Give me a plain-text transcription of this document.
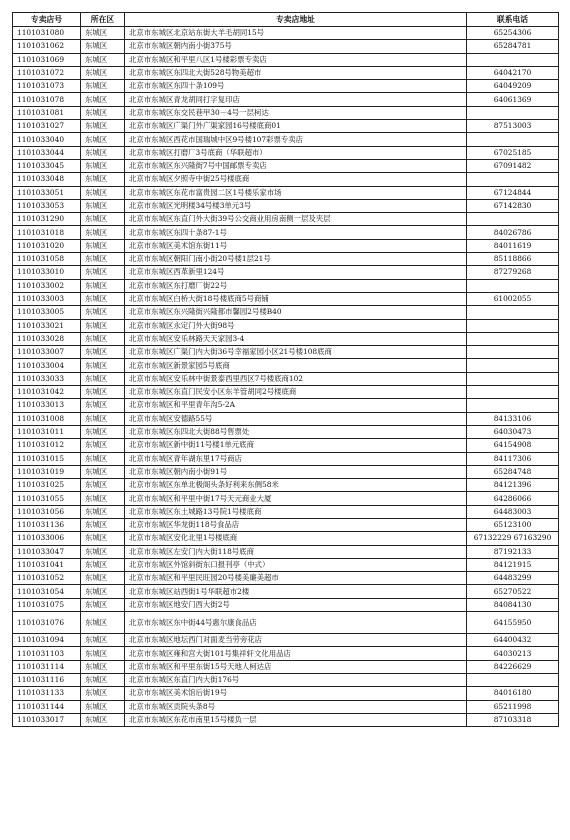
专卖店号	所在区	专卖店地址	联系电话
1101031080	东城区	北京市东城区北京站东街大羊毛胡同15号	65254306
1101031062	东城区	北京市东城区朝内南小街375号	65284781
1101031069	东城区	北京市东城区和平里八区1号楼彩票专卖店	
1101031072	东城区	北京市东城区东四北大街528号物美超市	64042170
1101031073	东城区	北京市东城区东四十条109号	64049209
1101031078	东城区	北京市东城区青龙胡同打字复印店	64061369
1101031081	东城区	北京市东城区东交民巷甲30－4号一层柯达	
1101031027	东城区	北京市东城区广渠门外广渠家园16号楼底商01	87513003
1101033040	东城区	北京市东城区西花市国瑞城中区9号楼107彩票专卖店	
1101033044	东城区	北京市东城区打磨厂3号底商（华联超市）	67025185
1101033045	东城区	北京市东城区东兴隆街7号中国邮票专卖店	67091482
1101033048	东城区	北京市东城区夕照寺中街25号楼底商	
1101033051	东城区	北京市东城区东花市富贵园二区1号楼乐家市场	67124844
1101033053	东城区	北京市东城区光明楼34号楼3单元3号	67142830
1101031290	东城区	北京市东城区东直门外大街39号公交商业用房南侧一层及夹层	
1101031018	东城区	北京市东城区东四十条87-1号	84026786
1101031020	东城区	北京市东城区美术馆东街11号	84011619
1101031058	东城区	北京市东城区朝阳门南小街20号楼1层21号	85118866
1101033010	东城区	北京市东城区西革新里124号	87279268
1101033002	东城区	北京市东城区东打磨厂街22号	
1101033003	东城区	北京市东城区白桥大街18号楼底商5号商铺	61002055
1101033005	东城区	北京市东城区东兴隆街兴隆都市馨园2号楼B40	
1101033021	东城区	北京市东城区永定门外大街98号	
1101033028	东城区	北京市东城区安乐林路天天家园3-4	
1101033007	东城区	北京市东城区广渠门内大街36号幸福家园小区21号楼108底商	
1101033004	东城区	北京市东城区新景家园5号底商	
1101033033	东城区	北京市东城区安乐林中街景泰西里西区7号楼底商102	
1101031042	东城区	北京市东城区东直门民安小区东羊管胡同2号楼底商	
1101033013	东城区	北京市东城区和平里青年沟5-2A	
1101031008	东城区	北京市东城区安德路55号	84133106
1101031011	东城区	北京市东城区东四北大街88号售票处	64030473
1101031012	东城区	北京市东城区新中街11号楼1单元底商	64154908
1101031015	东城区	北京市东城区青年湖东里17号商店	84117306
1101031019	东城区	北京市东城区朝内南小街91号	65284748
1101031025	东城区	北京市东城区东单北极阁头条好利来东侧58米	84121396
1101031055	东城区	北京市东城区和平里中街17号天元商业大厦	64286066
1101031056	东城区	北京市东城区东土城路13号院1号楼底商	64483003
1101031136	东城区	北京市东城区华龙街118号食品店	65123100
1101033006	东城区	北京市东城区安化北里1号楼底商	67132229 67163290
1101033047	东城区	北京市东城区左安门内大街118号底商	87192133
1101031041	东城区	北京市东城区外馆斜街东口报刊亭（中式）	84121915
1101031052	东城区	北京市东城区和平里民旺园20号楼美廉美超市	64483299
1101031054	东城区	北京市东城区站西街1号华联超市2楼	65270522
1101031075	东城区	北京市东城区地安门西大街2号	84084130
1101031076	东城区	北京市东城区东中街44号惠尔康食品店	64155950
1101031094	东城区	北京市东城区地坛西门对面麦当劳旁花店	64400432
1101031103	东城区	北京市东城区雍和宫大街101号集祥轩文化用品店	64030213
1101031114	东城区	北京市东城区和平里东街15号天地人柯达店	84226629
1101031116	东城区	北京市东城区东直门内大街176号	
1101031133	东城区	北京市东城区美术馆后街19号	84016180
1101031144	东城区	北京市东城区贡院头条8号	65211998
1101033017	东城区	北京市东城区东花市南里15号楼负一层	87103318
